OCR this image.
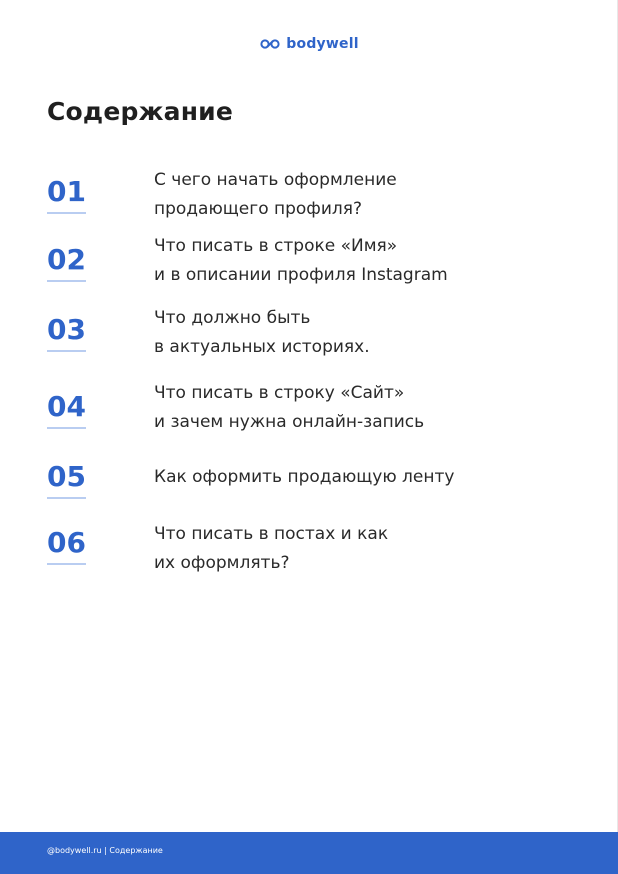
bodywell
Содержание
01	С чего начать оформление
продающего профиля?
02	Что писать в строке «Имя»
и в описании профиля Instagram
03	Что должно быть
в актуальных историях.
04	Что писать в строку «Сайт»
и зачем нужна онлайн-запись
05	Как оформить продающую ленту
06	Что писать в постах и как
их оформлять?
@bodywell.ru | Содержание
